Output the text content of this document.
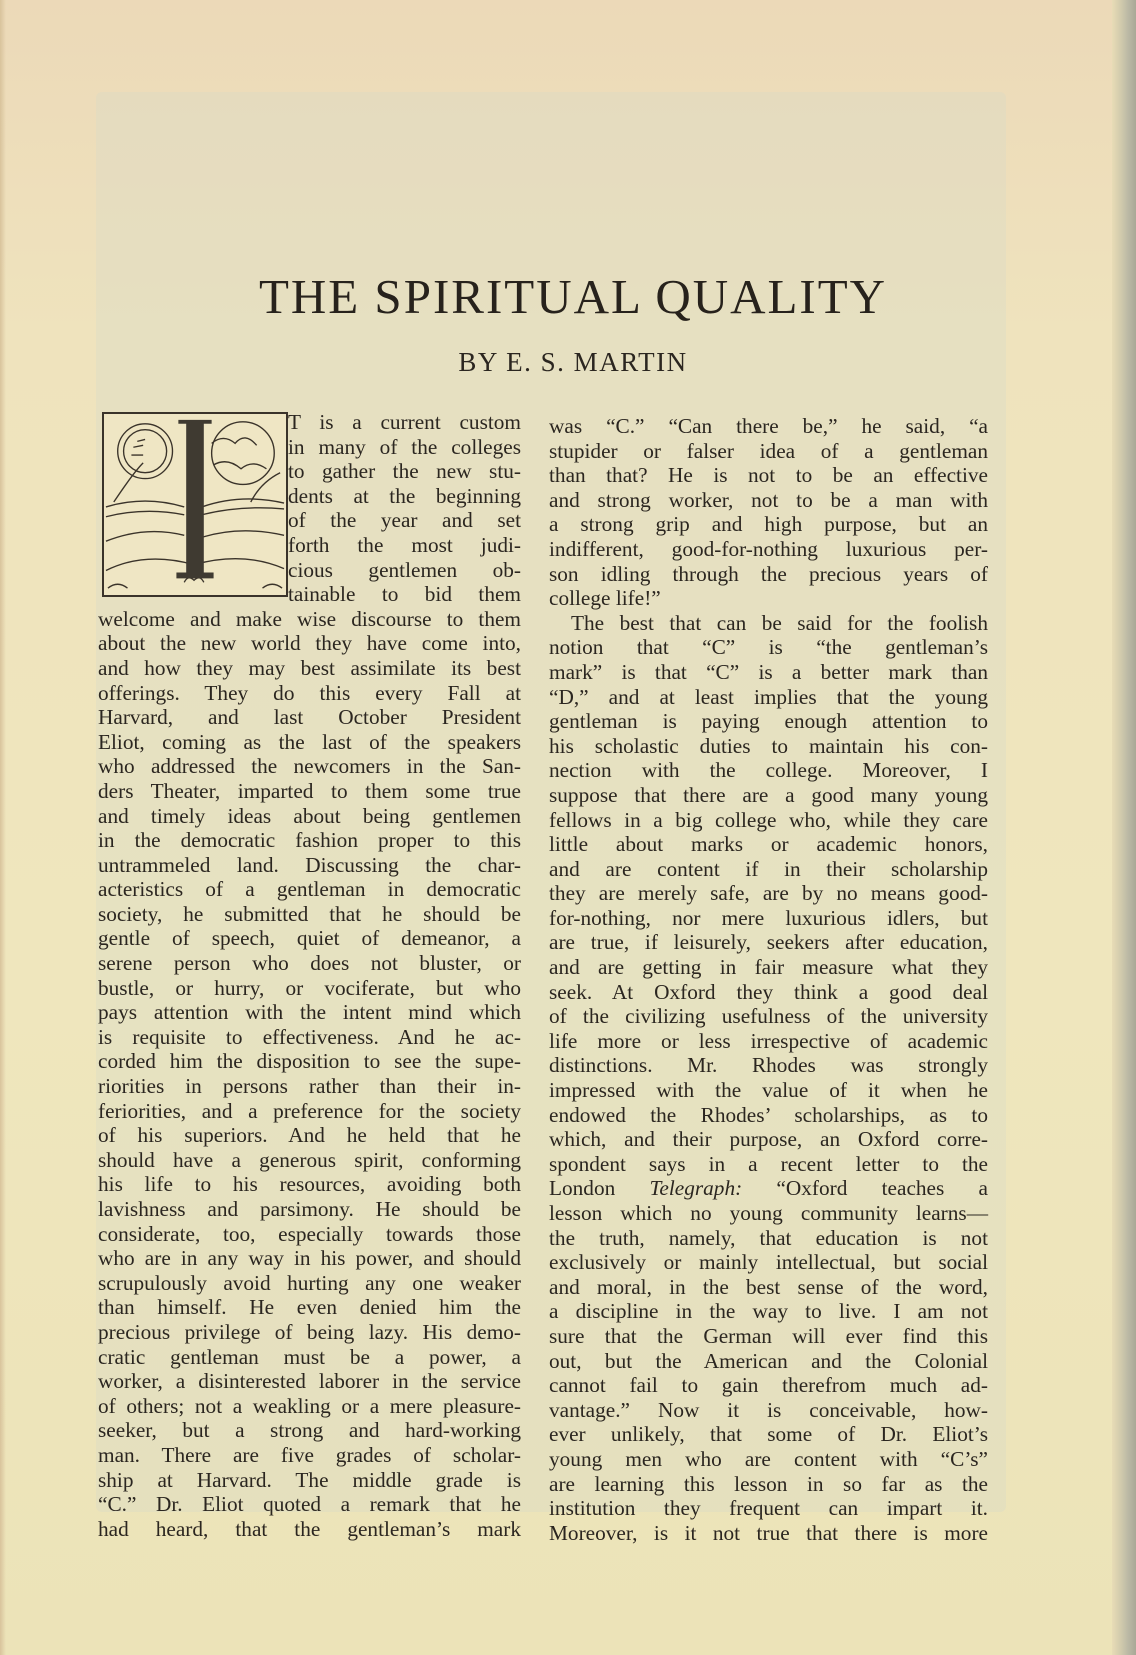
THE SPIRITUAL QUALITY
BY E. S. MARTIN
T is a current custom
in many of the colleges
to gather the new stu-
dents at the beginning
of the year and set
forth the most judi-
cious gentlemen ob-
tainable to bid them
welcome and make wise discourse to them
about the new world they have come into,
and how they may best assimilate its best
offerings. They do this every Fall at
Harvard, and last October President
Eliot, coming as the last of the speakers
who addressed the newcomers in the San-
ders Theater, imparted to them some true
and timely ideas about being gentlemen
in the democratic fashion proper to this
untrammeled land. Discussing the char-
acteristics of a gentleman in democratic
society, he submitted that he should be
gentle of speech, quiet of demeanor, a
serene person who does not bluster, or
bustle, or hurry, or vociferate, but who
pays attention with the intent mind which
is requisite to effectiveness. And he ac-
corded him the disposition to see the supe-
riorities in persons rather than their in-
feriorities, and a preference for the society
of his superiors. And he held that he
should have a generous spirit, conforming
his life to his resources, avoiding both
lavishness and parsimony. He should be
considerate, too, especially towards those
who are in any way in his power, and should
scrupulously avoid hurting any one weaker
than himself. He even denied him the
precious privilege of being lazy. His demo-
cratic gentleman must be a power, a
worker, a disinterested laborer in the service
of others; not a weakling or a mere pleasure-
seeker, but a strong and hard-working
man. There are five grades of scholar-
ship at Harvard. The middle grade is
“C.” Dr. Eliot quoted a remark that he
had heard, that the gentleman’s mark
was “C.” “Can there be,” he said, “a
stupider or falser idea of a gentleman
than that? He is not to be an effective
and strong worker, not to be a man with
a strong grip and high purpose, but an
indifferent, good-for-nothing luxurious per-
son idling through the precious years of
college life!”
The best that can be said for the foolish
notion that “C” is “the gentleman’s
mark” is that “C” is a better mark than
“D,” and at least implies that the young
gentleman is paying enough attention to
his scholastic duties to maintain his con-
nection with the college. Moreover, I
suppose that there are a good many young
fellows in a big college who, while they care
little about marks or academic honors,
and are content if in their scholarship
they are merely safe, are by no means good-
for-nothing, nor mere luxurious idlers, but
are true, if leisurely, seekers after education,
and are getting in fair measure what they
seek. At Oxford they think a good deal
of the civilizing usefulness of the university
life more or less irrespective of academic
distinctions. Mr. Rhodes was strongly
impressed with the value of it when he
endowed the Rhodes’ scholarships, as to
which, and their purpose, an Oxford corre-
spondent says in a recent letter to the
London Telegraph: “Oxford teaches a
lesson which no young community learns—
the truth, namely, that education is not
exclusively or mainly intellectual, but social
and moral, in the best sense of the word,
a discipline in the way to live. I am not
sure that the German will ever find this
out, but the American and the Colonial
cannot fail to gain therefrom much ad-
vantage.” Now it is conceivable, how-
ever unlikely, that some of Dr. Eliot’s
young men who are content with “C’s”
are learning this lesson in so far as the
institution they frequent can impart it.
Moreover, is it not true that there is more
